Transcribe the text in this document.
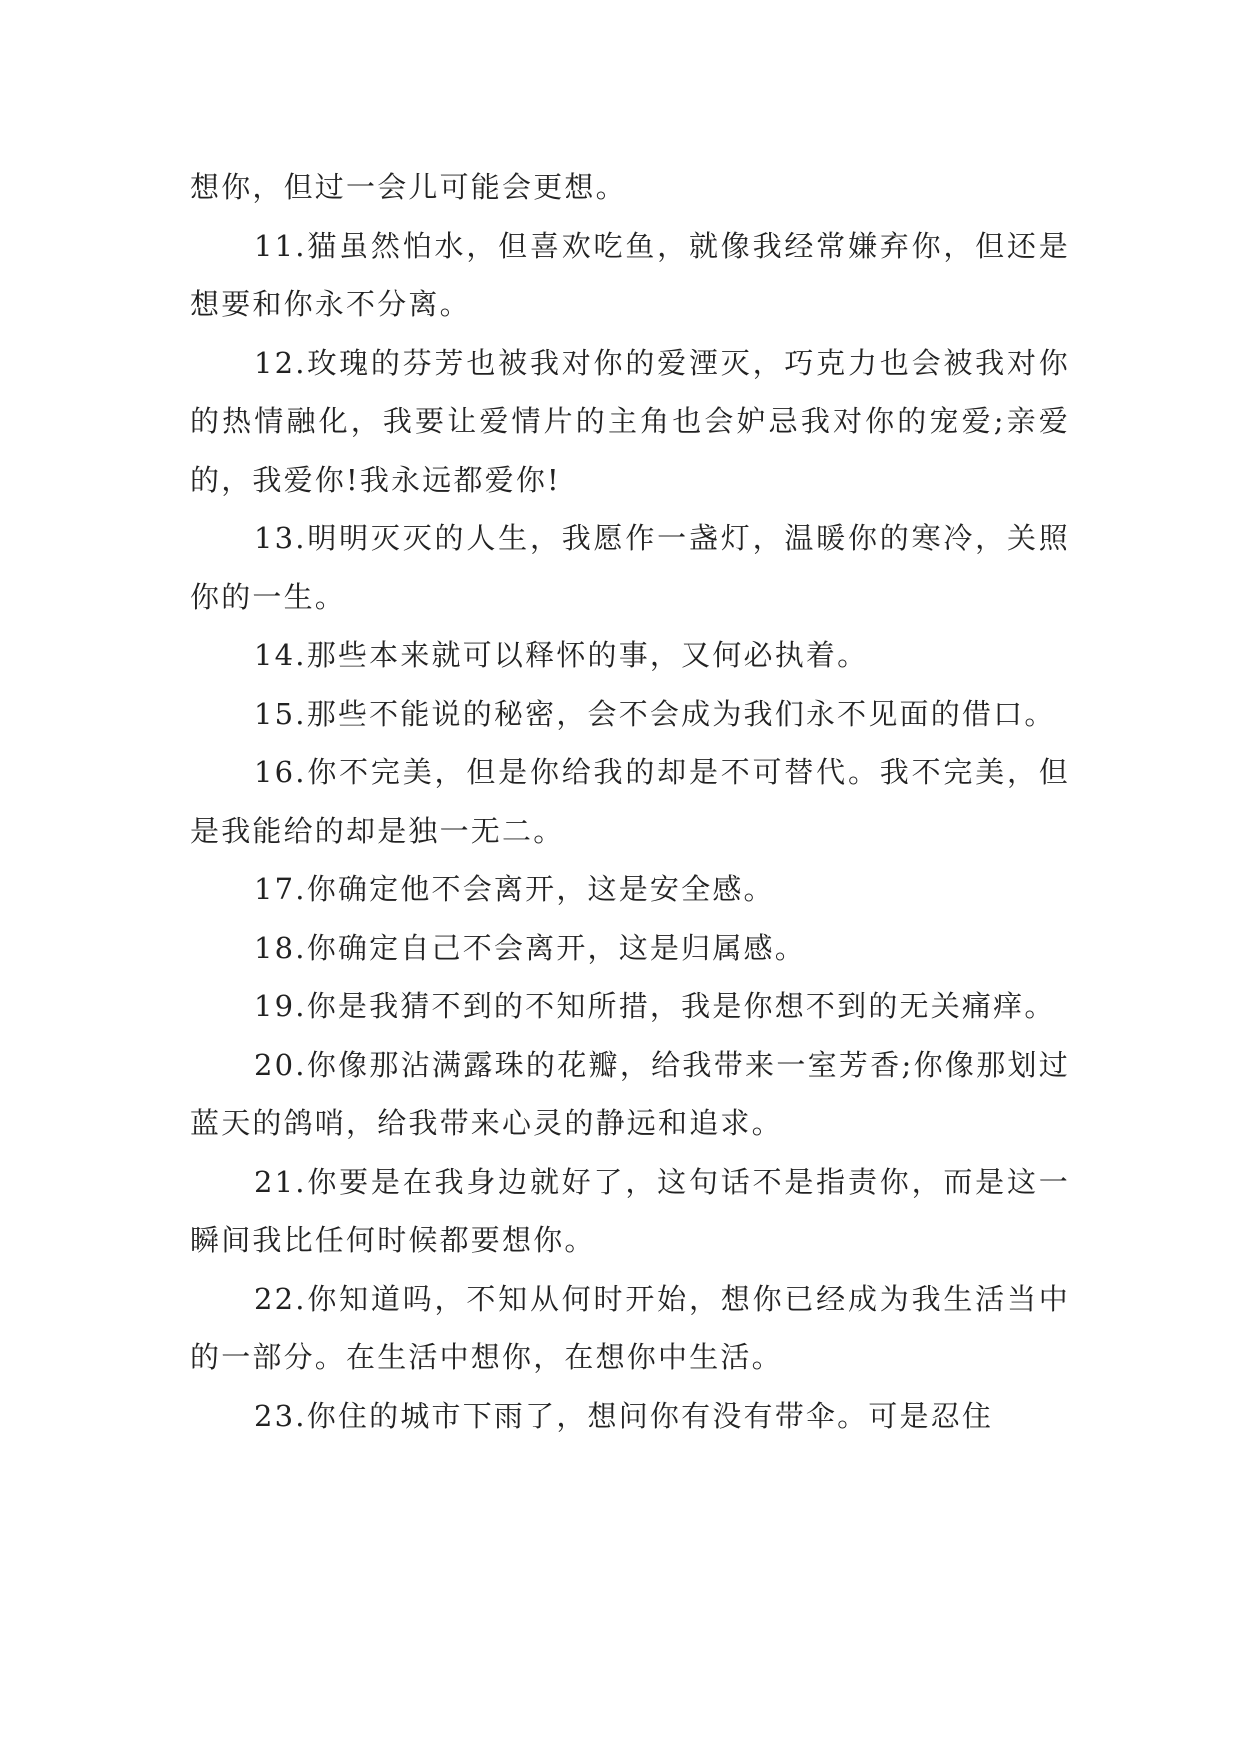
想你，但过一会儿可能会更想。

11.猫虽然怕水，但喜欢吃鱼，就像我经常嫌弃你，但还是想要和你永不分离。

12.玫瑰的芬芳也被我对你的爱湮灭，巧克力也会被我对你的热情融化，我要让爱情片的主角也会妒忌我对你的宠爱;亲爱的，我爱你!我永远都爱你!

13.明明灭灭的人生，我愿作一盏灯，温暖你的寒冷，关照你的一生。

14.那些本来就可以释怀的事，又何必执着。

15.那些不能说的秘密，会不会成为我们永不见面的借口。

16.你不完美，但是你给我的却是不可替代。我不完美，但是我能给的却是独一无二。

17.你确定他不会离开，这是安全感。

18.你确定自己不会离开，这是归属感。

19.你是我猜不到的不知所措，我是你想不到的无关痛痒。

20.你像那沾满露珠的花瓣，给我带来一室芳香;你像那划过蓝天的鸽哨，给我带来心灵的静远和追求。

21.你要是在我身边就好了，这句话不是指责你，而是这一瞬间我比任何时候都要想你。

22.你知道吗，不知从何时开始，想你已经成为我生活当中的一部分。在生活中想你，在想你中生活。

23.你住的城市下雨了，想问你有没有带伞。可是忍住
